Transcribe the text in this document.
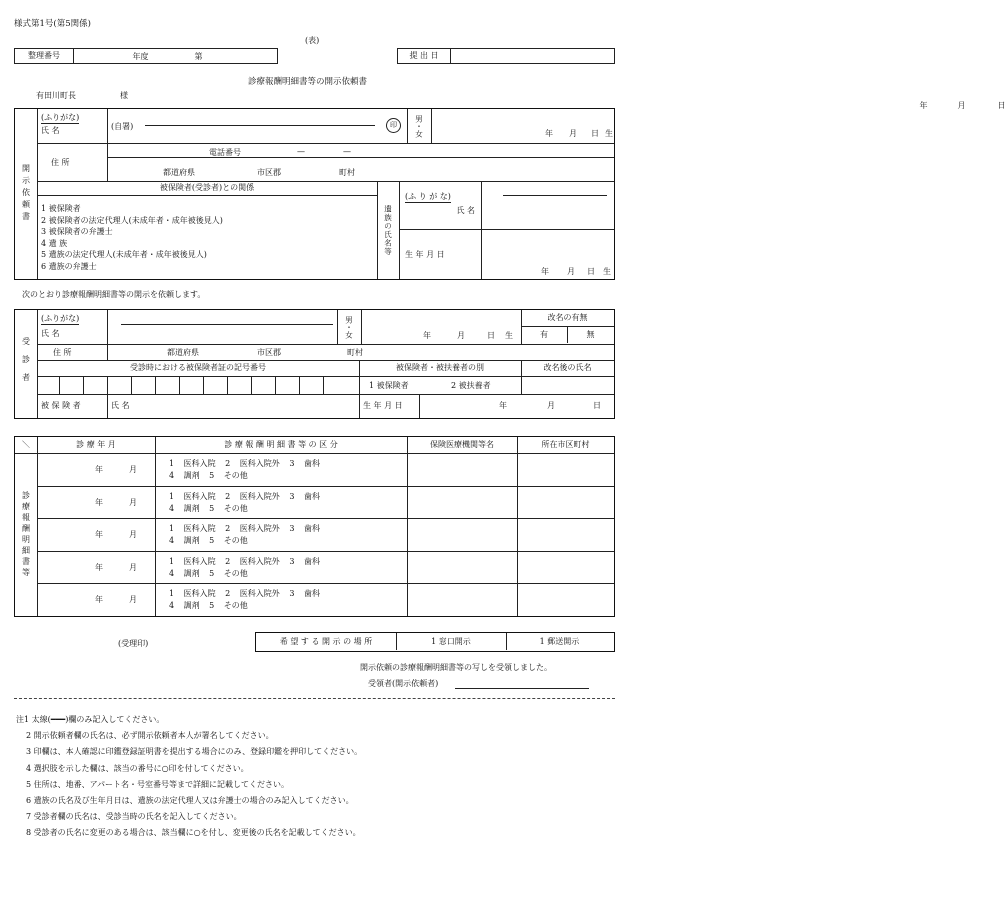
様式第1号(第5関係)
(表)
整理番号	年度	第	提 出 日	
年	月	日
診療報酬明細書等の開示依頼書
有田川町長	様
開示依頼書
(ふりがな)
氏 名	(自署)	印	男・女	年 月 日 生
住 所
電話番号	—	—
都道府県	市区郡	町村
被保険者(受診者)との関係
1 被保険者
2 被保険者の法定代理人(未成年者・成年被後見人)
3 被保険者の弁護士
4 遺 族
5 遺族の法定代理人(未成年者・成年被後見人)
6 遺族の弁護士
遺族の氏名等
(ふ り が な)
氏 名
生 年 月 日
年 月 日 生
次のとおり診療報酬明細書等の開示を依頼します。
受診者
(ふりがな)
氏 名	男・女	年	月	日 生
改名の有無
有	無
住 所	都道府県	市区郡	町村
受診時における被保険者証の記号番号	被保険者・被扶養者の別	改名後の氏名
1 被保険者	2 被扶養者
被 保 険 者	氏 名	生 年 月 日	年	月	日
＼	診 療 年 月	診 療 報 酬 明 細 書 等 の 区 分	保険医療機関等名	所在市区町村
診療報酬明細書等
年	月
1 医科入院 2 医科入院外 3 歯科
4 調剤 5 その他
年	月
1 医科入院 2 医科入院外 3 歯科
4 調剤 5 その他
年	月
1 医科入院 2 医科入院外 3 歯科
4 調剤 5 その他
年	月
1 医科入院 2 医科入院外 3 歯科
4 調剤 5 その他
年	月
1 医科入院 2 医科入院外 3 歯科
4 調剤 5 その他
(受理印)	希 望 す る 開 示 の 場 所	1 窓口開示	1 郵送開示
開示依頼の診療報酬明細書等の写しを受領しました。
受領者(開示依頼者)
注1 太線(━━━)欄のみ記入してください。
2 開示依頼者欄の氏名は、必ず開示依頼者本人が署名してください。
3 印欄は、本人確認に印鑑登録証明書を提出する場合にのみ、登録印鑑を押印してください。
4 選択肢を示した欄は、該当の番号に○印を付してください。
5 住所は、地番、アパート名・号室番号等まで詳細に記載してください。
6 遺族の氏名及び生年月日は、遺族の法定代理人又は弁護士の場合のみ記入してください。
7 受診者欄の氏名は、受診当時の氏名を記入してください。
8 受診者の氏名に変更のある場合は、該当欄に○を付し、変更後の氏名を記載してください。
